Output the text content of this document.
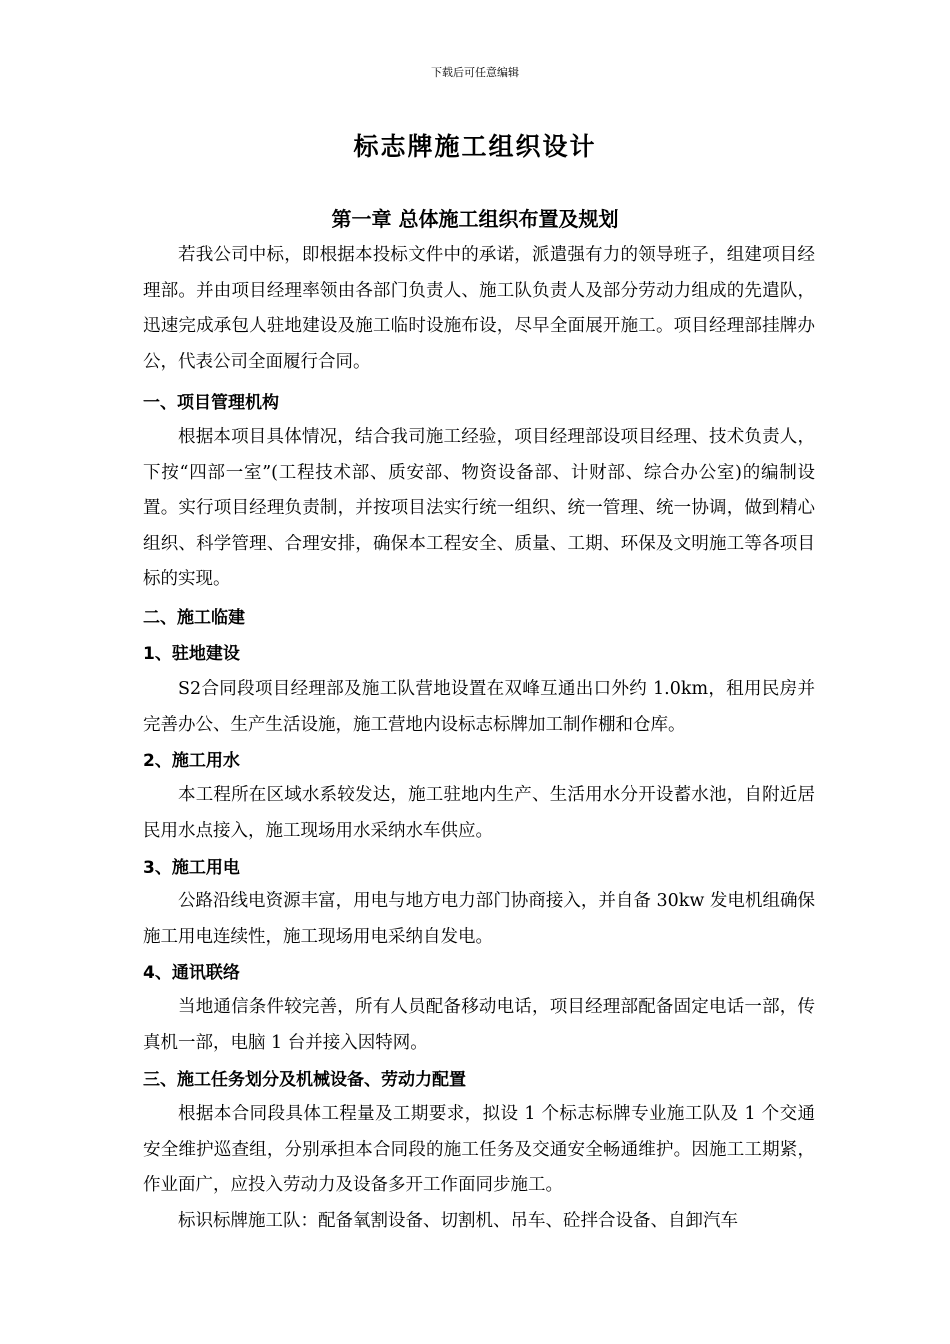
下载后可任意编辑
标志牌施工组织设计
第一章 总体施工组织布置及规划

若我公司中标，即根据本投标文件中的承诺，派遣强有力的领导班子，组建项目经理部。并由项目经理率领由各部门负责人、施工队负责人及部分劳动力组成的先遣队，迅速完成承包人驻地建设及施工临时设施布设，尽早全面展开施工。项目经理部挂牌办公，代表公司全面履行合同。

一、项目管理机构

根据本项目具体情况，结合我司施工经验，项目经理部设项目经理、技术负责人，下按“四部一室”(工程技术部、质安部、物资设备部、计财部、综合办公室)的编制设置。实行项目经理负责制，并按项目法实行统一组织、统一管理、统一协调，做到精心组织、科学管理、合理安排，确保本工程安全、质量、工期、环保及文明施工等各项目标的实现。

二、施工临建
1、驻地建设

S2合同段项目经理部及施工队营地设置在双峰互通出口外约 1.0km，租用民房并完善办公、生产生活设施，施工营地内设标志标牌加工制作棚和仓库。

2、施工用水

本工程所在区域水系较发达，施工驻地内生产、生活用水分开设蓄水池，自附近居民用水点接入，施工现场用水采纳水车供应。

3、施工用电

公路沿线电资源丰富，用电与地方电力部门协商接入，并自备 30kw 发电机组确保施工用电连续性，施工现场用电采纳自发电。

4、通讯联络

当地通信条件较完善，所有人员配备移动电话，项目经理部配备固定电话一部，传真机一部，电脑 1 台并接入因特网。

三、施工任务划分及机械设备、劳动力配置

根据本合同段具体工程量及工期要求，拟设 1 个标志标牌专业施工队及 1 个交通安全维护巡查组，分别承担本合同段的施工任务及交通安全畅通维护。因施工工期紧，作业面广，应投入劳动力及设备多开工作面同步施工。

标识标牌施工队：配备氧割设备、切割机、吊车、砼拌合设备、自卸汽车
